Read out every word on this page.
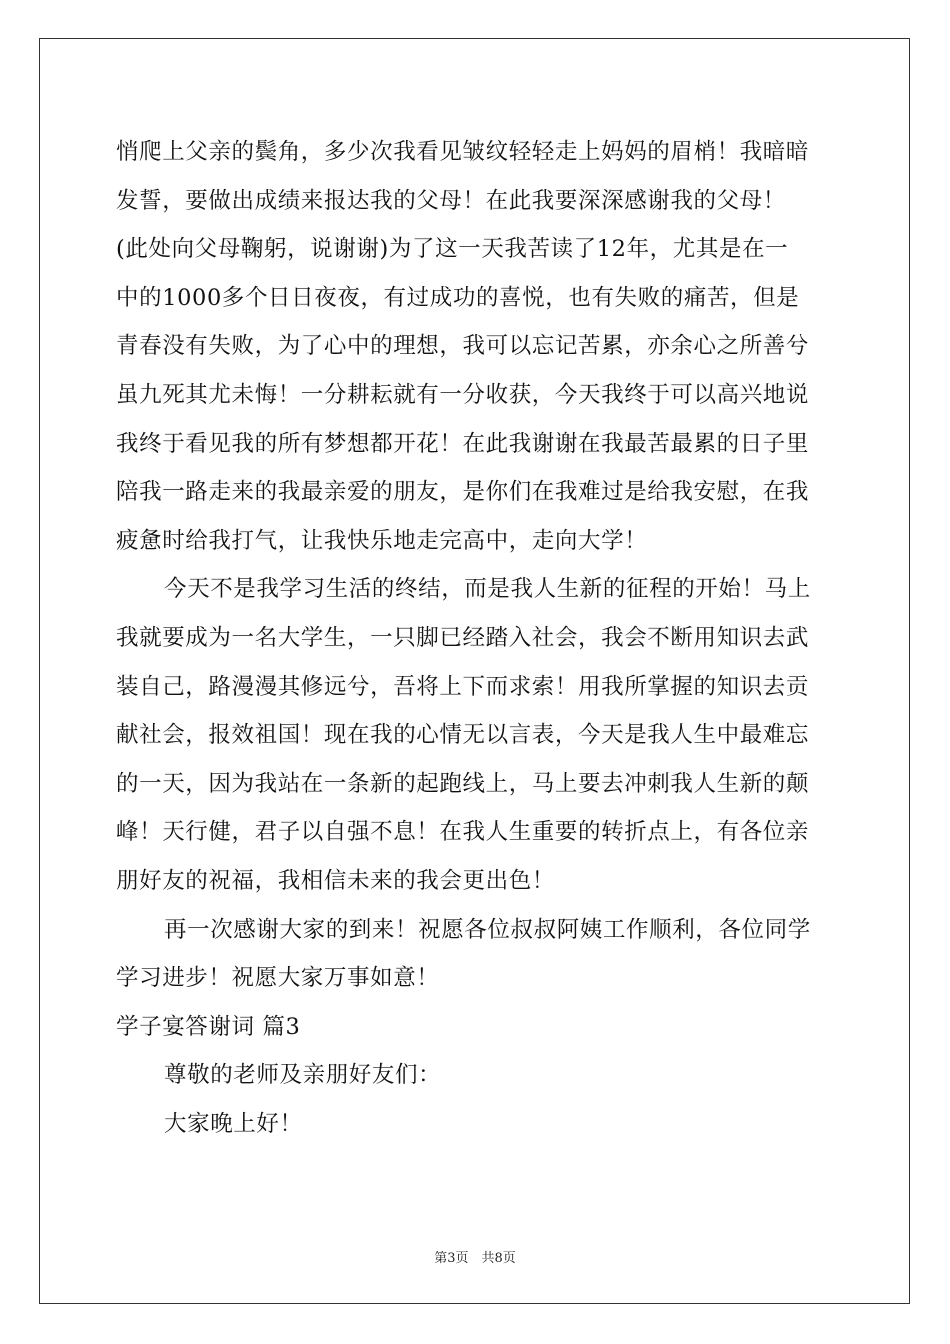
悄爬上父亲的鬓角，多少次我看见皱纹轻轻走上妈妈的眉梢！我暗暗
发誓，要做出成绩来报达我的父母！在此我要深深感谢我的父母！
(此处向父母鞠躬，说谢谢)为了这一天我苦读了12年，尤其是在一
中的1000多个日日夜夜，有过成功的喜悦，也有失败的痛苦，但是
青春没有失败，为了心中的理想，我可以忘记苦累，亦余心之所善兮
虽九死其尤未悔！一分耕耘就有一分收获，今天我终于可以高兴地说
我终于看见我的所有梦想都开花！在此我谢谢在我最苦最累的日子里
陪我一路走来的我最亲爱的朋友，是你们在我难过是给我安慰，在我
疲惫时给我打气，让我快乐地走完高中，走向大学！
今天不是我学习生活的终结，而是我人生新的征程的开始！马上
我就要成为一名大学生，一只脚已经踏入社会，我会不断用知识去武
装自己，路漫漫其修远兮，吾将上下而求索！用我所掌握的知识去贡
献社会，报效祖国！现在我的心情无以言表，今天是我人生中最难忘
的一天，因为我站在一条新的起跑线上，马上要去冲刺我人生新的颠
峰！天行健，君子以自强不息！在我人生重要的转折点上，有各位亲
朋好友的祝福，我相信未来的我会更出色！
再一次感谢大家的到来！祝愿各位叔叔阿姨工作顺利，各位同学
学习进步！祝愿大家万事如意！
学子宴答谢词 篇3
尊敬的老师及亲朋好友们：
大家晚上好！
第3页　共8页
